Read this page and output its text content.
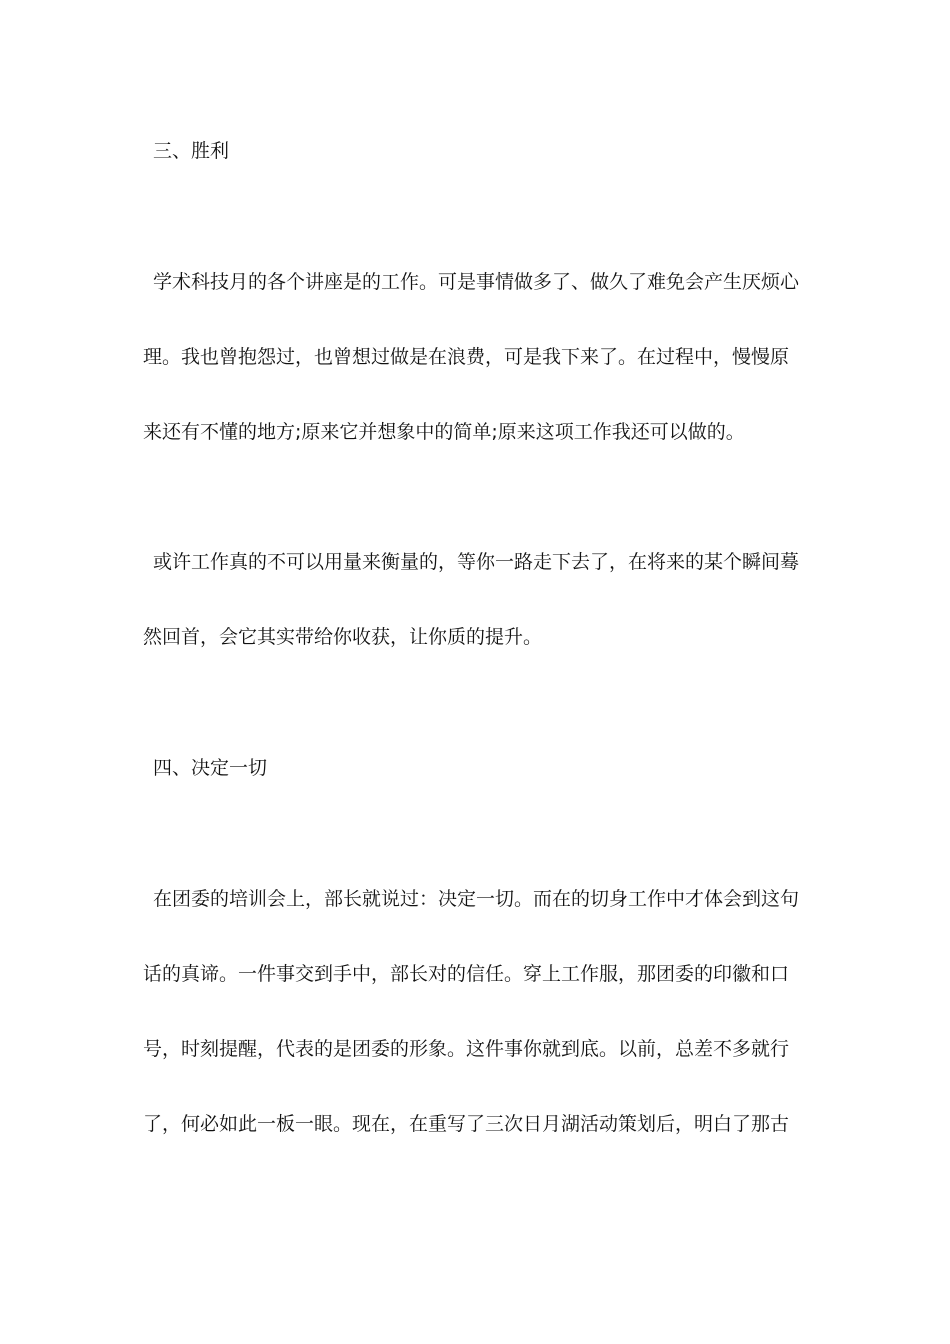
三、胜利
学术科技月的各个讲座是的工作。可是事情做多了、做久了难免会产生厌烦心
理。我也曾抱怨过，也曾想过做是在浪费，可是我下来了。在过程中，慢慢原
来还有不懂的地方;原来它并想象中的简单;原来这项工作我还可以做的。
或许工作真的不可以用量来衡量的，等你一路走下去了，在将来的某个瞬间蓦
然回首，会它其实带给你收获，让你质的提升。
四、决定一切
在团委的培训会上，部长就说过：决定一切。而在的切身工作中才体会到这句
话的真谛。一件事交到手中，部长对的信任。穿上工作服，那团委的印徽和口
号，时刻提醒，代表的是团委的形象。这件事你就到底。以前，总差不多就行
了，何必如此一板一眼。现在，在重写了三次日月湖活动策划后，明白了那古
